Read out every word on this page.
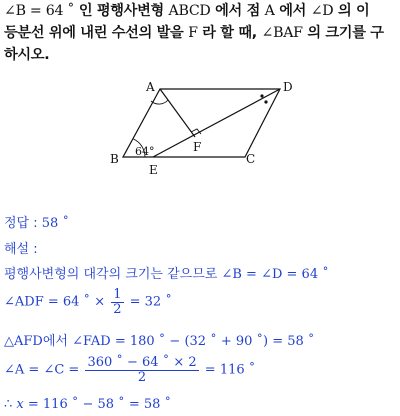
∠B = 64 ˚ 인 평행사변형 ABCD 에서 점 A 에서 ∠D 의 이
등분선 위에 내린 수선의 발을 F 라 할 때, ∠BAF 의 크기를 구
하시오.
A	D
B	C
E
F
64°
정답 : 58 ˚
해설 :
평행사변형의 대각의 크기는 같으므로 ∠B = ∠D = 64 ˚
∠ADF = 64 ˚ × $\frac{1}{2} = 32$ ˚
△AFD에서 ∠FAD = 180 ˚ − (32 ˚ + 90 ˚) = 58 ˚
∠A = ∠C = $\frac{360 ˚ - 64 ˚ \times 2}{2} = 116$ ˚
∴ x = 116 ˚ − 58 ˚ = 58 ˚
